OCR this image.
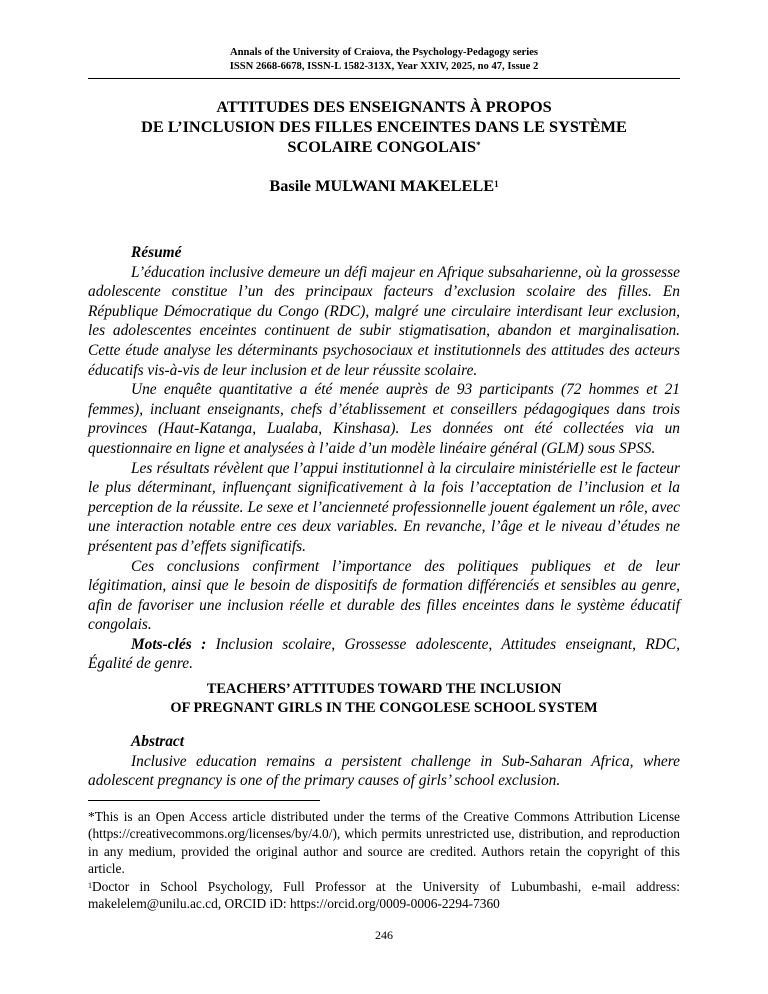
Annals of the University of Craiova, the Psychology-Pedagogy series
ISSN 2668-6678, ISSN-L 1582-313X, Year XXIV, 2025, no 47, Issue 2
ATTITUDES DES ENSEIGNANTS À PROPOS
DE L’INCLUSION DES FILLES ENCEINTES DANS LE SYSTÈME
SCOLAIRE CONGOLAIS*
Basile MULWANI MAKELELE$^1$

Résumé

L’éducation inclusive demeure un défi majeur en Afrique subsaharienne, où la grossesse adolescente constitue l’un des principaux facteurs d’exclusion scolaire des filles. En République Démocratique du Congo (RDC), malgré une circulaire interdisant leur exclusion, les adolescentes enceintes continuent de subir stigmatisation, abandon et marginalisation. Cette étude analyse les déterminants psychosociaux et institutionnels des attitudes des acteurs éducatifs vis-à-vis de leur inclusion et de leur réussite scolaire.

Une enquête quantitative a été menée auprès de 93 participants (72 hommes et 21 femmes), incluant enseignants, chefs d’établissement et conseillers pédagogiques dans trois provinces (Haut-Katanga, Lualaba, Kinshasa). Les données ont été collectées via un questionnaire en ligne et analysées à l’aide d’un modèle linéaire général (GLM) sous SPSS.

Les résultats révèlent que l’appui institutionnel à la circulaire ministérielle est le facteur le plus déterminant, influençant significativement à la fois l’acceptation de l’inclusion et la perception de la réussite. Le sexe et l’ancienneté professionnelle jouent également un rôle, avec une interaction notable entre ces deux variables. En revanche, l’âge et le niveau d’études ne présentent pas d’effets significatifs.

Ces conclusions confirment l’importance des politiques publiques et de leur légitimation, ainsi que le besoin de dispositifs de formation différenciés et sensibles au genre, afin de favoriser une inclusion réelle et durable des filles enceintes dans le système éducatif congolais.

Mots-clés : Inclusion scolaire, Grossesse adolescente, Attitudes enseignant, RDC, Égalité de genre.

TEACHERS’ ATTITUDES TOWARD THE INCLUSION
OF PREGNANT GIRLS IN THE CONGOLESE SCHOOL SYSTEM

Abstract

Inclusive education remains a persistent challenge in Sub-Saharan Africa, where adolescent pregnancy is one of the primary causes of girls’ school exclusion.

*This is an Open Access article distributed under the terms of the Creative Commons Attribution License (https://creativecommons.org/licenses/by/4.0/), which permits unrestricted use, distribution, and reproduction in any medium, provided the original author and source are credited. Authors retain the copyright of this article.

$^1$Doctor in School Psychology, Full Professor at the University of Lubumbashi, e-mail address: makelelem@unilu.ac.cd, ORCID iD: https://orcid.org/0009-0006-2294-7360

246
